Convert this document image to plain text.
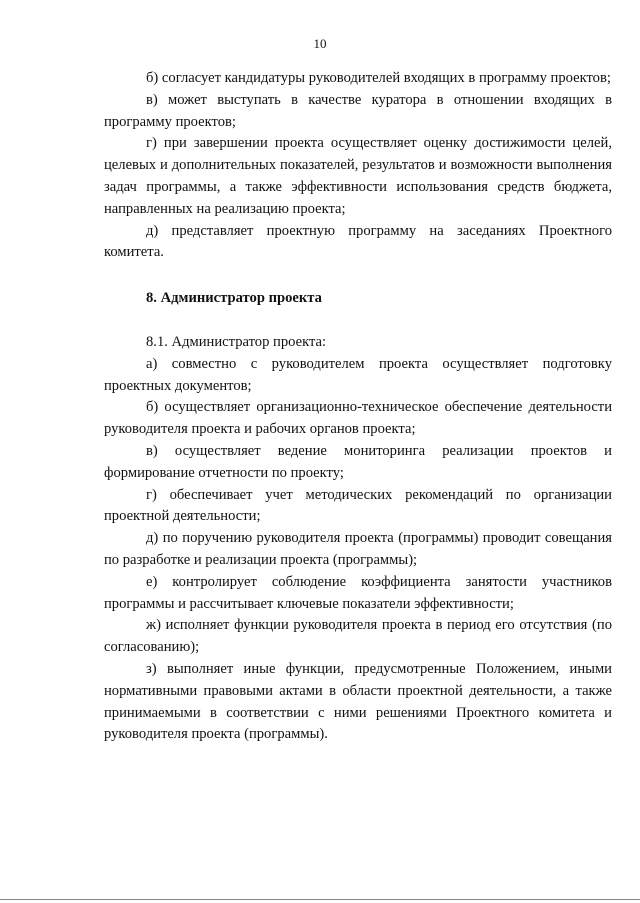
10

б) согласует кандидатуры руководителей входящих в программу проектов;

в) может выступать в качестве куратора в отношении входящих в программу проектов;

г) при завершении проекта осуществляет оценку достижимости целей, целевых и дополнительных показателей, результатов и возможности выполнения задач программы, а также эффективности использования средств бюджета, направленных на реализацию проекта;

д) представляет проектную программу на заседаниях Проектного комитета.

8. Администратор проекта

8.1. Администратор проекта:

а) совместно с руководителем проекта осуществляет подготовку проектных документов;

б) осуществляет организационно-техническое обеспечение деятельности руководителя проекта и рабочих органов проекта;

в) осуществляет ведение мониторинга реализации проектов и формирование отчетности по проекту;

г) обеспечивает учет методических рекомендаций по организации проектной деятельности;

д) по поручению руководителя проекта (программы) проводит совещания по разработке и реализации проекта (программы);

е) контролирует соблюдение коэффициента занятости участников программы и рассчитывает ключевые показатели эффективности;

ж) исполняет функции руководителя проекта в период его отсутствия (по согласованию);

з) выполняет иные функции, предусмотренные Положением, иными нормативными правовыми актами в области проектной деятельности, а также принимаемыми в соответствии с ними решениями Проектного комитета и руководителя проекта (программы).
